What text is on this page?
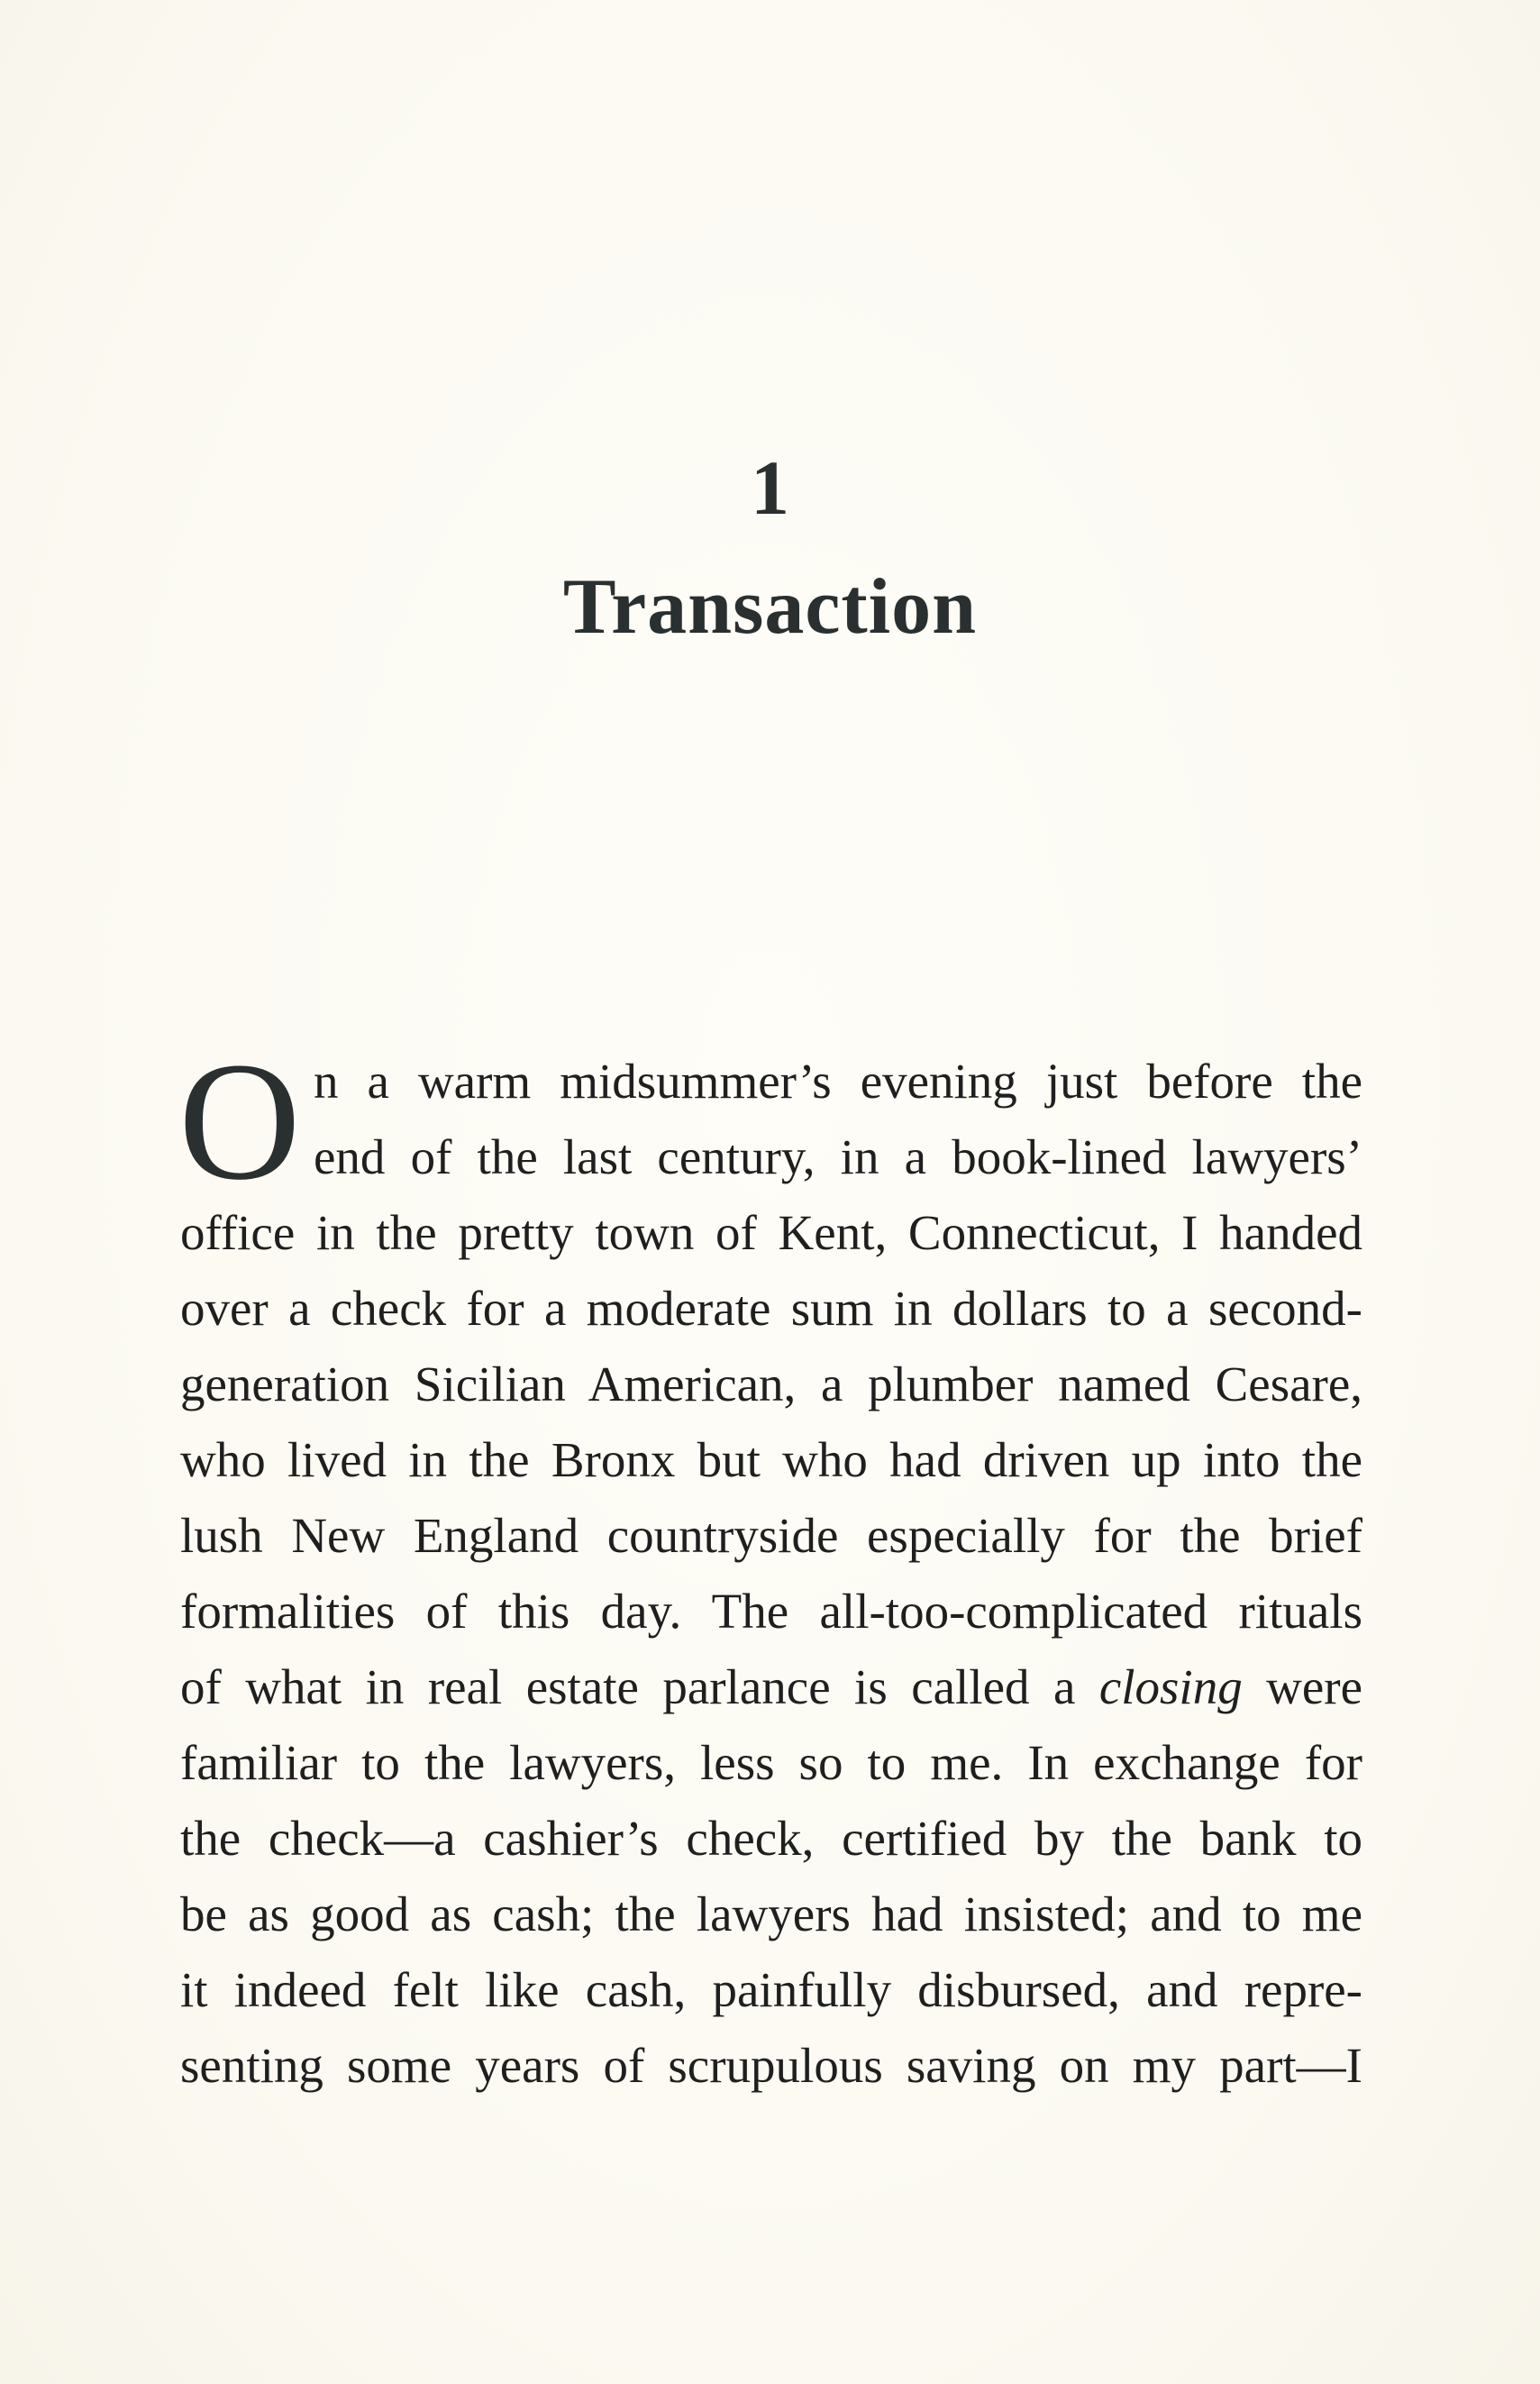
1
Transaction
O n a warm midsummer’s evening just before the
end of the last century, in a book-lined lawyers’
office in the pretty town of Kent, Connecticut, I handed
over a check for a moderate sum in dollars to a second-
generation Sicilian American, a plumber named Cesare,
who lived in the Bronx but who had driven up into the
lush New England countryside especially for the brief
formalities of this day. The all-too-complicated rituals
of what in real estate parlance is called a closing were
familiar to the lawyers, less so to me. In exchange for
the check—a cashier’s check, certified by the bank to
be as good as cash; the lawyers had insisted; and to me
it indeed felt like cash, painfully disbursed, and repre-
senting some years of scrupulous saving on my part—I
